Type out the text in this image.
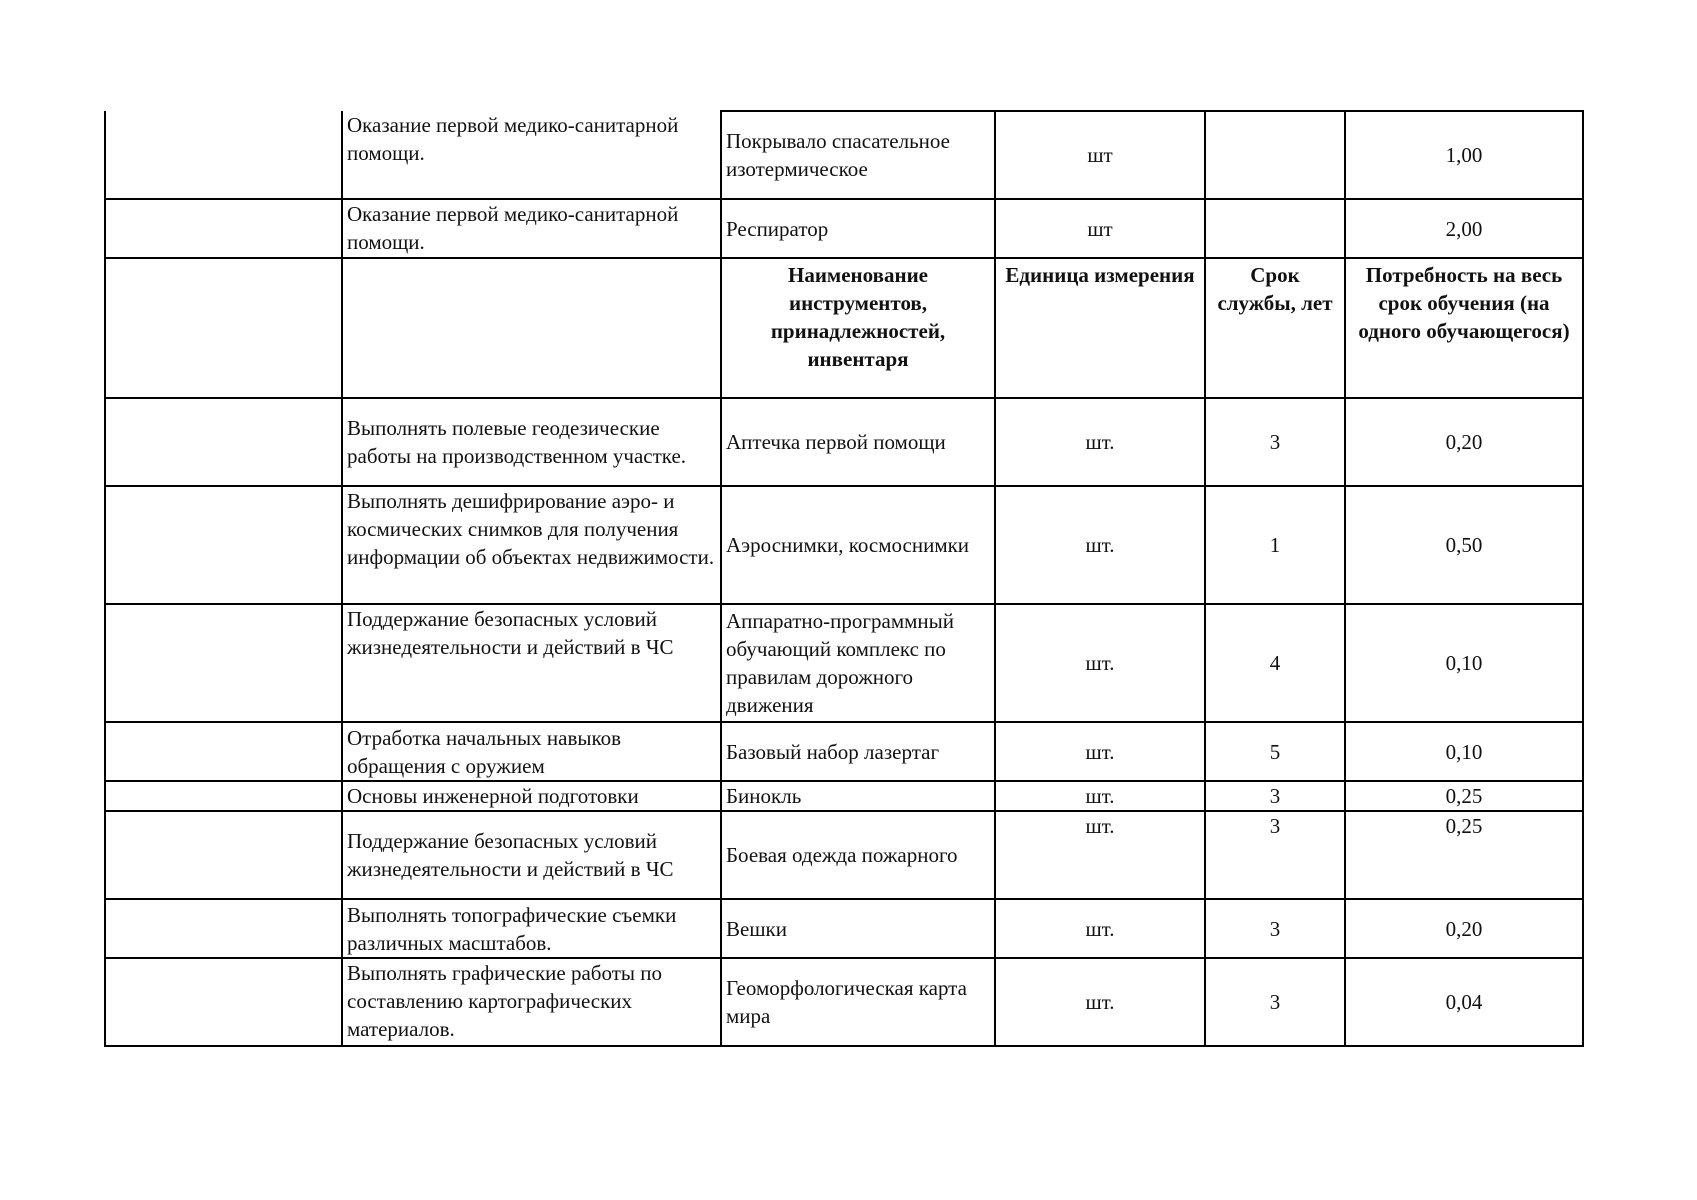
	Оказание первой медико-санитарной помощи.	Покрывало спасательное изотермическое	шт		1,00
	Оказание первой медико-санитарной помощи.	Респиратор	шт		2,00
		Наименование инструментов, принадлежностей, инвентаря	Единица измерения	Срок службы, лет	Потребность на весь срок обучения (на одного обучающегося)
	Выполнять полевые геодезические работы на производственном участке.	Аптечка первой помощи	шт.	3	0,20
	Выполнять дешифрирование аэро- и космических снимков для получения информации об объектах недвижимости.	Аэроснимки, космоснимки	шт.	1	0,50
	Поддержание безопасных условий жизнедеятельности и действий в ЧС	Аппаратно-программный обучающий комплекс по правилам дорожного движения	шт.	4	0,10
	Отработка начальных навыков обращения с оружием	Базовый набор лазертаг	шт.	5	0,10
	Основы инженерной подготовки	Бинокль	шт.	3	0,25
	Поддержание безопасных условий жизнедеятельности и действий в ЧС	Боевая одежда пожарного	шт.	3	0,25
	Выполнять топографические съемки различных масштабов.	Вешки	шт.	3	0,20
	Выполнять графические работы по составлению картографических материалов.	Геоморфологическая карта мира	шт.	3	0,04
